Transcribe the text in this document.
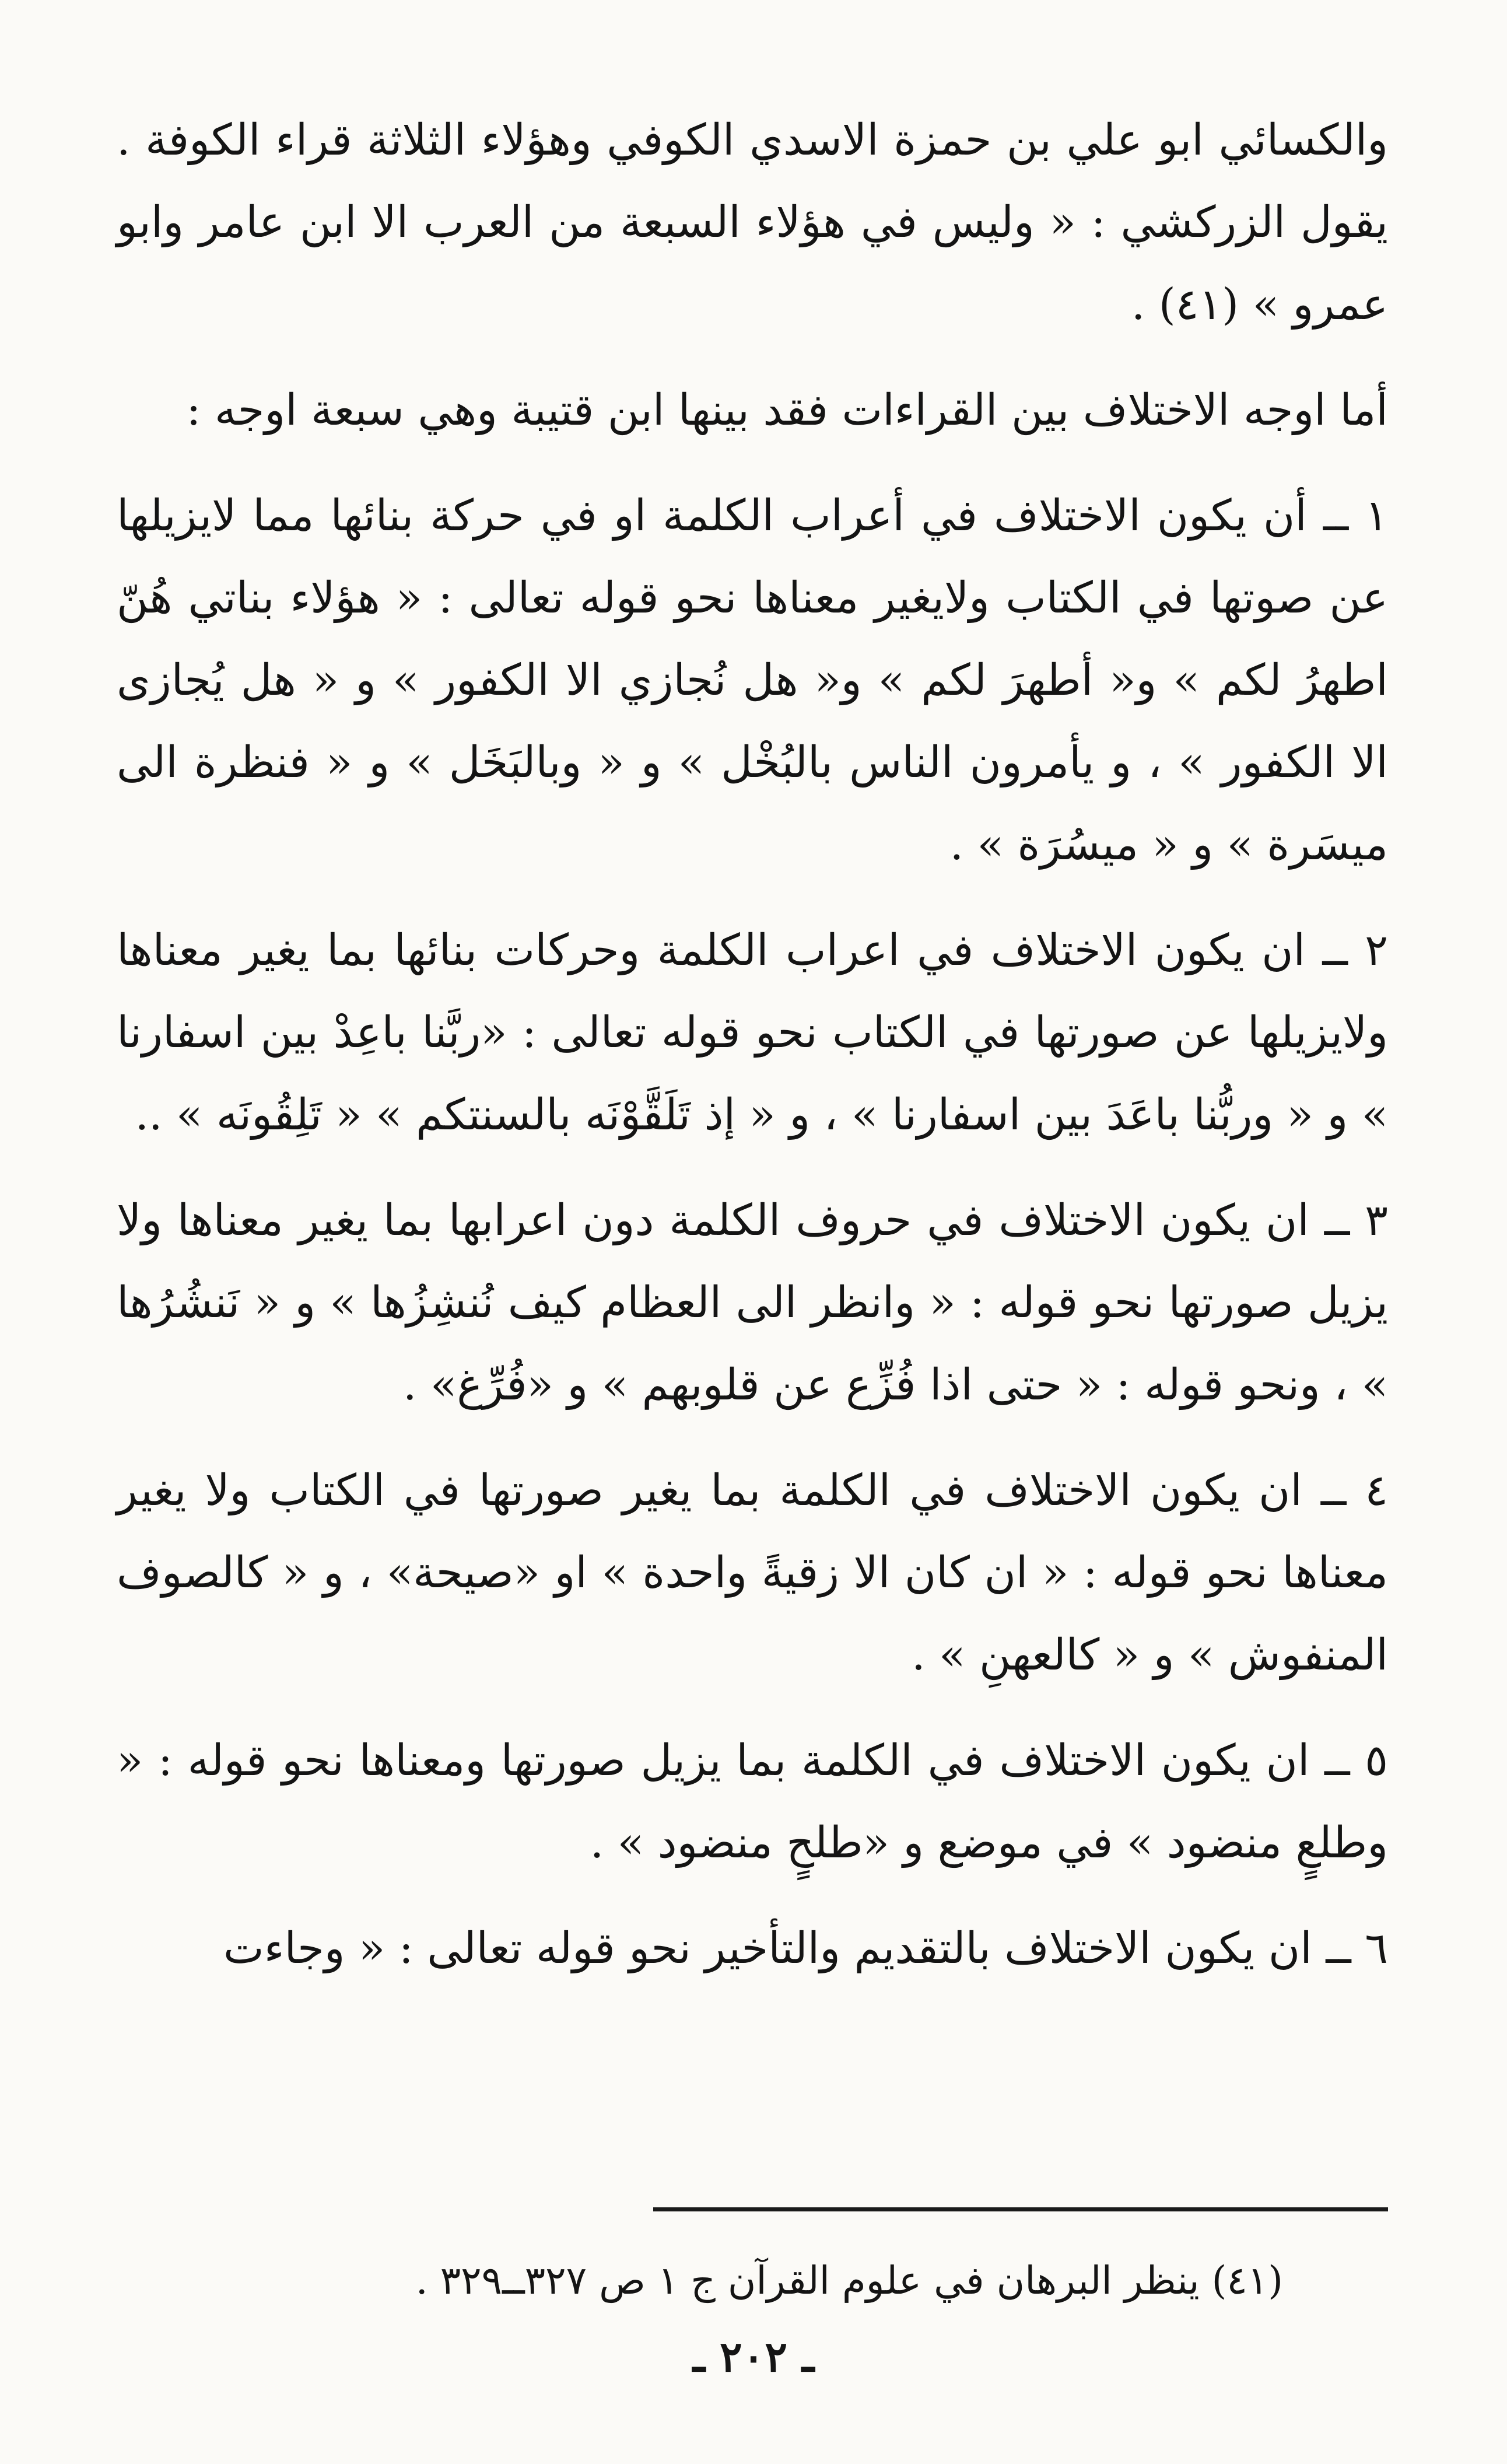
والكسائي ابو علي بن حمزة الاسدي الكوفي وهؤلاء الثلاثة قراء الكوفة . يقول الزركشي : « وليس في هؤلاء السبعة من العرب الا ابن عامر وابو عمرو » (٤١) .

أما اوجه الاختلاف بين القراءات فقد بينها ابن قتيبة وهي سبعة اوجه :

١ ــ أن يكون الاختلاف في أعراب الكلمة او في حركة بنائها مما لايزيلها عن صوتها في الكتاب ولايغير معناها نحو قوله تعالى : « هؤلاء بناتي هُنّ اطهرُ لكم » و« أطهرَ لكم » و« هل نُجازي الا الكفور » و « هل يُجازى الا الكفور » ، و يأمرون الناس بالبُخْل » و « وبالبَخَل » و « فنظرة الى ميسَرة » و « ميسُرَة » .

٢ ــ ان يكون الاختلاف في اعراب الكلمة وحركات بنائها بما يغير معناها ولايزيلها عن صورتها في الكتاب نحو قوله تعالى : «ربَّنا باعِدْ بين اسفارنا » و « وربُّنا باعَدَ بين اسفارنا » ، و « إذ تَلَقَّوْنَه بالسنتكم » « تَلِقُونَه » ..

٣ ــ ان يكون الاختلاف في حروف الكلمة دون اعرابها بما يغير معناها ولا يزيل صورتها نحو قوله : « وانظر الى العظام كيف نُنشِزُها » و « نَنشُرُها » ، ونحو قوله : « حتى اذا فُزِّع عن قلوبهم » و «فُرِّغ» .

٤ ــ ان يكون الاختلاف في الكلمة بما يغير صورتها في الكتاب ولا يغير معناها نحو قوله : « ان كان الا زقيةً واحدة » او «صيحة» ، و « كالصوف المنفوش » و « كالعهنِ » .

٥ ــ ان يكون الاختلاف في الكلمة بما يزيل صورتها ومعناها نحو قوله : « وطلعٍ منضود » في موضع و «طلحٍ منضود » .

٦ ــ ان يكون الاختلاف بالتقديم والتأخير نحو قوله تعالى : « وجاءت

(٤١) ينظر البرهان في علوم القرآن ج ١ ص ٣٢٧ــ٣٢٩ .
ـ ٢٠٢ ـ
